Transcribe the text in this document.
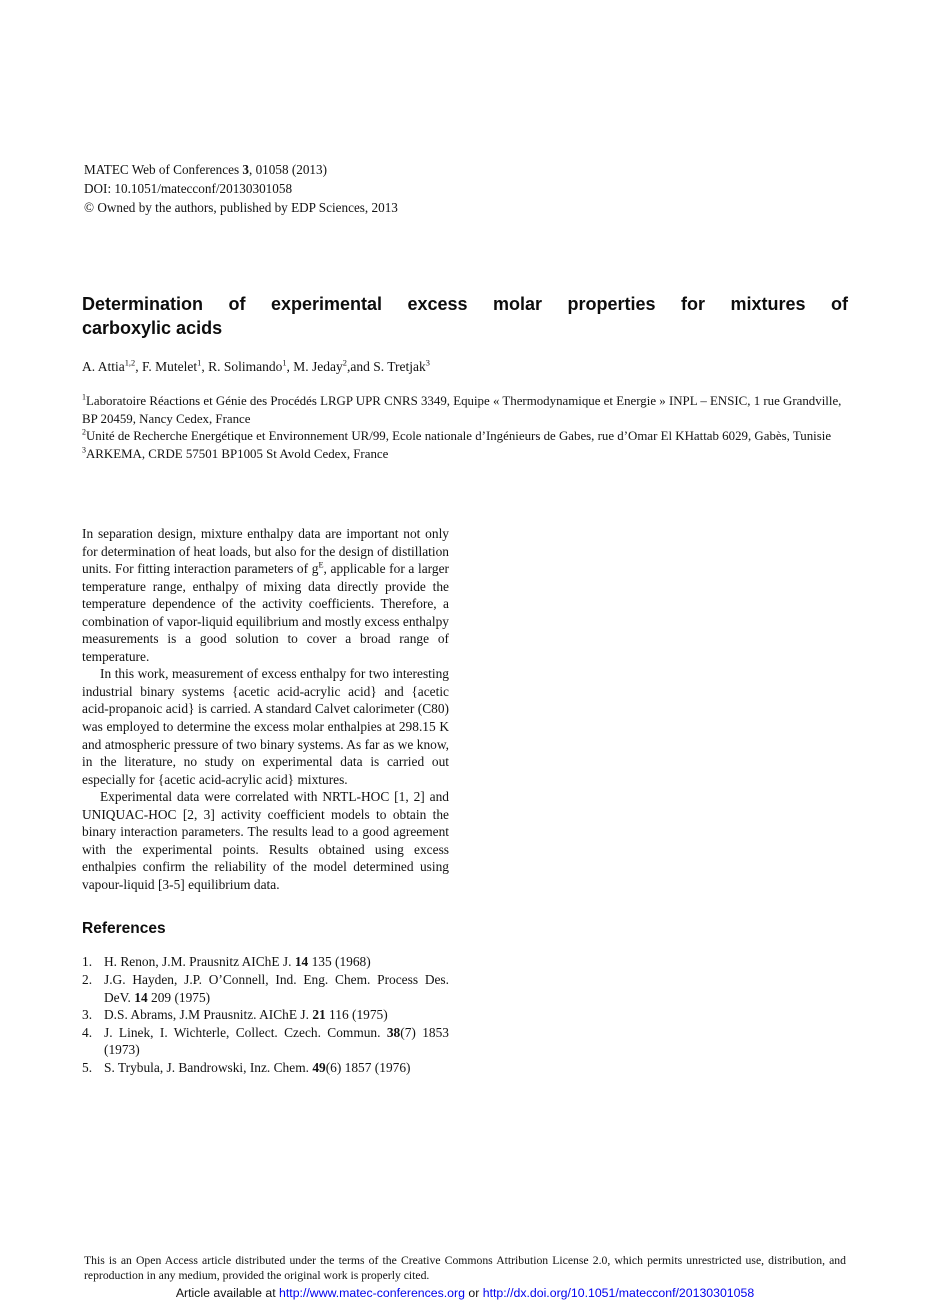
MATEC Web of Conferences 3, 01058 (2013)
DOI: 10.1051/matecconf/20130301058
© Owned by the authors, published by EDP Sciences, 2013
Determination of experimental excess molar properties for mixtures of
carboxylic acids
A. Attia$^{1,2}$, F. Mutelet$^1$, R. Solimando$^1$, M. Jeday$^2$,and S. Tretjak$^3$
$^1$Laboratoire Réactions et Génie des Procédés LRGP UPR CNRS 3349, Equipe « Thermodynamique et Energie » INPL – ENSIC, 1 rue Grandville, BP 20459, Nancy Cedex, France
$^2$Unité de Recherche Energétique et Environnement UR/99, Ecole nationale d’Ingénieurs de Gabes, rue d’Omar El KHattab 6029, Gabès, Tunisie
$^3$ARKEMA, CRDE 57501 BP1005 St Avold Cedex, France

In separation design, mixture enthalpy data are important not only for determination of heat loads, but also for the design of distillation units. For fitting interaction parameters of $g^E$, applicable for a larger temperature range, enthalpy of mixing data directly provide the temperature dependence of the activity coefficients. Therefore, a combination of vapor-liquid equilibrium and mostly excess enthalpy measurements is a good solution to cover a broad range of temperature.

In this work, measurement of excess enthalpy for two interesting industrial binary systems {acetic acid-acrylic acid} and {acetic acid-propanoic acid} is carried. A standard Calvet calorimeter (C80) was employed to determine the excess molar enthalpies at 298.15 K and atmospheric pressure of two binary systems. As far as we know, in the literature, no study on experimental data is carried out especially for {acetic acid-acrylic acid} mixtures.

Experimental data were correlated with NRTL-HOC [1, 2] and UNIQUAC-HOC [2, 3] activity coefficient models to obtain the binary interaction parameters. The results lead to a good agreement with the experimental points. Results obtained using excess enthalpies confirm the reliability of the model determined using vapour-liquid [3-5] equilibrium data.

References
1. H. Renon, J.M. Prausnitz AIChE J. 14 135 (1968)
2. J.G. Hayden, J.P. O’Connell, Ind. Eng. Chem. Process Des. DeV. 14 209 (1975)
3. D.S. Abrams, J.M Prausnitz. AIChE J. 21 116 (1975)
4. J. Linek, I. Wichterle, Collect. Czech. Commun. 38(7) 1853 (1973)
5. S. Trybula, J. Bandrowski, Inz. Chem. 49(6) 1857 (1976)

This is an Open Access article distributed under the terms of the Creative Commons Attribution License 2.0, which permits unrestricted use, distribution, and reproduction in any medium, provided the original work is properly cited.

Article available at http://www.matec-conferences.org or http://dx.doi.org/10.1051/matecconf/20130301058
